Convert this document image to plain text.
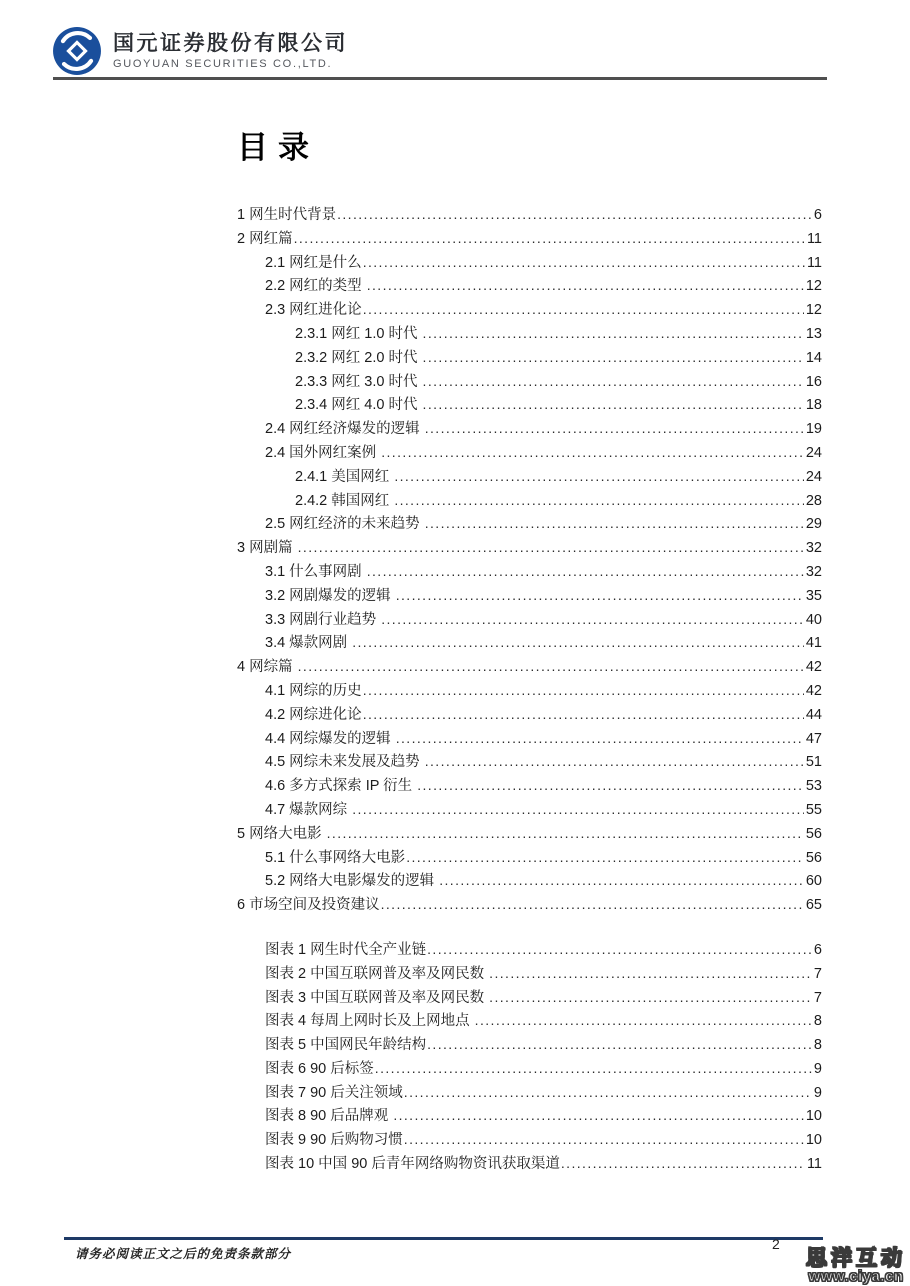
国元证券股份有限公司
GUOYUAN SECURITIES CO.,LTD.
目录
1 网生时代背景 .....	6
2 网红篇 .....	11
2.1 网红是什么 .....	11
2.2 网红的类型 .....	12
2.3 网红进化论 .....	12
2.3.1 网红 1.0 时代 .....	13
2.3.2 网红 2.0 时代 .....	14
2.3.3 网红 3.0 时代 .....	16
2.3.4 网红 4.0 时代 .....	18
2.4 网红经济爆发的逻辑 .....	19
2.4 国外网红案例 .....	24
2.4.1 美国网红 .....	24
2.4.2 韩国网红 .....	28
2.5 网红经济的未来趋势 .....	29
3 网剧篇 .....	32
3.1 什么事网剧 .....	32
3.2 网剧爆发的逻辑 .....	35
3.3 网剧行业趋势 .....	40
3.4 爆款网剧 .....	41
4 网综篇 .....	42
4.1 网综的历史 .....	42
4.2 网综进化论 .....	44
4.4 网综爆发的逻辑 .....	47
4.5 网综未来发展及趋势 .....	51
4.6 多方式探索 IP 衍生 .....	53
4.7 爆款网综 .....	55
5 网络大电影 .....	56
5.1 什么事网络大电影 .....	56
5.2 网络大电影爆发的逻辑 .....	60
6 市场空间及投资建议 .....	65
图表 1 网生时代全产业链 .....	6
图表 2 中国互联网普及率及网民数 .....	7
图表 3 中国互联网普及率及网民数 .....	7
图表 4 每周上网时长及上网地点 .....	8
图表 5 中国网民年龄结构 .....	8
图表 6 90 后标签 .....	9
图表 7 90 后关注领域 .....	9
图表 8 90 后品牌观 .....	10
图表 9 90 后购物习惯 .....	10
图表 10 中国 90 后青年网络购物资讯获取渠道 .....	11
请务必阅读正文之后的免责条款部分
2
思洋互动
www.ciya.cn
